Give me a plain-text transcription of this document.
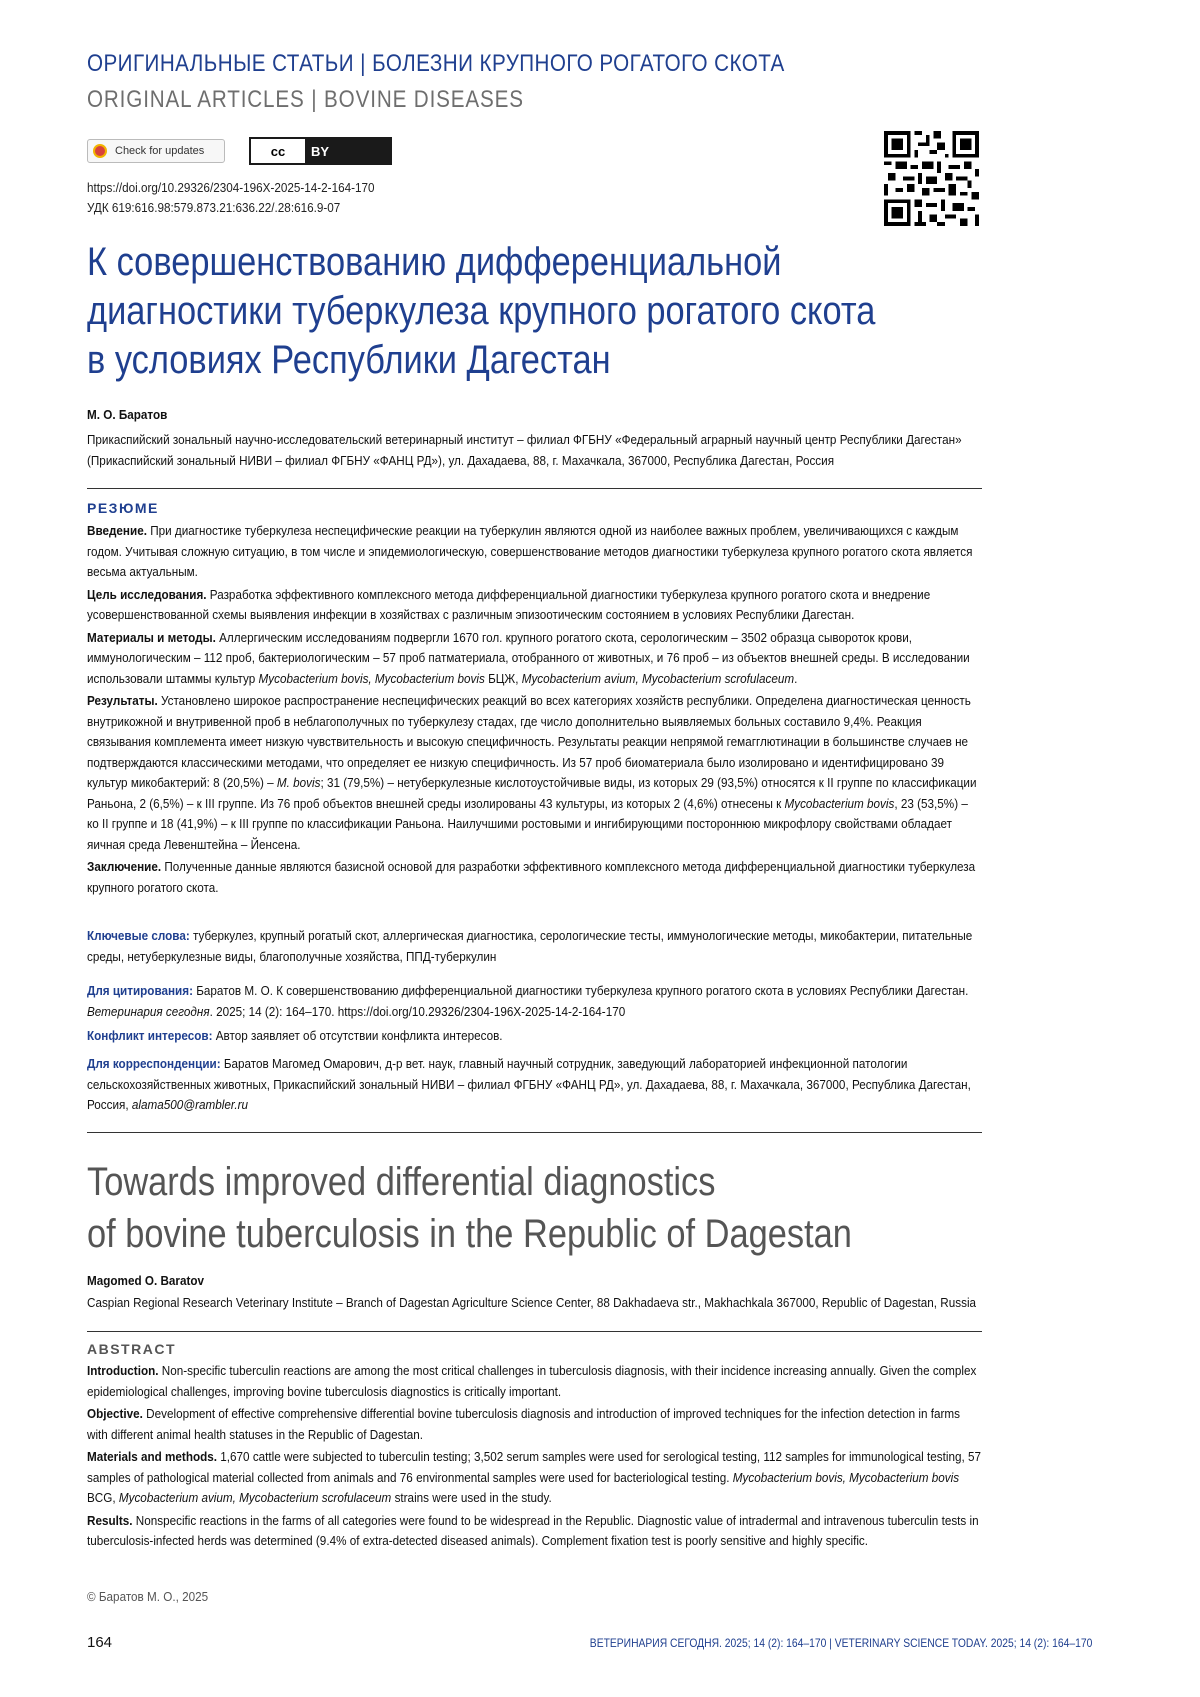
ОРИГИНАЛЬНЫЕ СТАТЬИ | БОЛЕЗНИ КРУПНОГО РОГАТОГО СКОТА
ORIGINAL ARTICLES | BOVINE DISEASES
Check for updates	cc	BY
https://doi.org/10.29326/2304-196X-2025-14-2-164-170
УДК 619:616.98:579.873.21:636.22/.28:616.9-07
К совершенствованию дифференциальной
диагностики туберкулеза крупного рогатого скота
в условиях Республики Дагестан
М. О. Баратов
Прикаспийский зональный научно-исследовательский ветеринарный институт – филиал ФГБНУ «Федеральный аграрный научный центр Республики Дагестан» (Прикаспийский зональный НИВИ – филиал ФГБНУ «ФАНЦ РД»), ул. Дахадаева, 88, г. Махачкала, 367000, Республика Дагестан, Россия
РЕЗЮМЕ

Введение. При диагностике туберкулеза неспецифические реакции на туберкулин являются одной из наиболее важных проблем, увеличивающихся с каждым годом. Учитывая сложную ситуацию, в том числе и эпидемиологическую, совершенствование методов диагностики туберкулеза крупного рогатого скота является весьма актуальным.

Цель исследования. Разработка эффективного комплексного метода дифференциальной диагностики туберкулеза крупного рогатого скота и внедрение усовершенствованной схемы выявления инфекции в хозяйствах с различным эпизоотическим состоянием в условиях Республики Дагестан.

Материалы и методы. Аллергическим исследованиям подвергли 1670 гол. крупного рогатого скота, серологическим – 3502 образца сывороток крови, иммунологическим – 112 проб, бактериологическим – 57 проб патматериала, отобранного от животных, и 76 проб – из объектов внешней среды. В исследовании использовали штаммы культур Mycobacterium bovis, Mycobacterium bovis БЦЖ, Mycobacterium avium, Mycobacterium scrofulaceum.

Результаты. Установлено широкое распространение неспецифических реакций во всех категориях хозяйств республики. Определена диагностическая ценность внутрикожной и внутривенной проб в неблагополучных по туберкулезу стадах, где число дополнительно выявляемых больных составило 9,4%. Реакция связывания комплемента имеет низкую чувствительность и высокую специфичность. Результаты реакции непрямой гемагглютинации в большинстве случаев не подтверждаются классическими методами, что определяет ее низкую специфичность. Из 57 проб биоматериала было изолировано и идентифицировано 39 культур микобактерий: 8 (20,5%) – M. bovis; 31 (79,5%) – нетуберкулезные кислотоустойчивые виды, из которых 29 (93,5%) относятся к II группе по классификации Раньона, 2 (6,5%) – к III группе. Из 76 проб объектов внешней среды изолированы 43 культуры, из которых 2 (4,6%) отнесены к Mycobacterium bovis, 23 (53,5%) – ко II группе и 18 (41,9%) – к III группе по классификации Раньона. Наилучшими ростовыми и ингибирующими постороннюю микрофлору свойствами обладает яичная среда Левенштейна – Йенсена.

Заключение. Полученные данные являются базисной основой для разработки эффективного комплексного метода дифференциальной диагностики туберкулеза крупного рогатого скота.

Ключевые слова: туберкулез, крупный рогатый скот, аллергическая диагностика, серологические тесты, иммунологические методы, микобактерии, питательные среды, нетуберкулезные виды, благополучные хозяйства, ППД-туберкулин
Для цитирования: Баратов М. О. К совершенствованию дифференциальной диагностики туберкулеза крупного рогатого скота в условиях Республики Дагестан. Ветеринария сегодня. 2025; 14 (2): 164–170. https://doi.org/10.29326/2304-196X-2025-14-2-164-170
Конфликт интересов: Автор заявляет об отсутствии конфликта интересов.
Для корреспонденции: Баратов Магомед Омарович, д-р вет. наук, главный научный сотрудник, заведующий лабораторией инфекционной патологии сельскохозяйственных животных, Прикаспийский зональный НИВИ – филиал ФГБНУ «ФАНЦ РД», ул. Дахадаева, 88, г. Махачкала, 367000, Республика Дагестан, Россия, alama500@rambler.ru
Towards improved differential diagnostics
of bovine tuberculosis in the Republic of Dagestan
Magomed O. Baratov
Caspian Regional Research Veterinary Institute – Branch of Dagestan Agriculture Science Center, 88 Dakhadaeva str., Makhachkala 367000, Republic of Dagestan, Russia
ABSTRACT

Introduction. Non-specific tuberculin reactions are among the most critical challenges in tuberculosis diagnosis, with their incidence increasing annually. Given the complex epidemiological challenges, improving bovine tuberculosis diagnostics is critically important.

Objective. Development of effective comprehensive differential bovine tuberculosis diagnosis and introduction of improved techniques for the infection detection in farms with different animal health statuses in the Republic of Dagestan.

Materials and methods. 1,670 cattle were subjected to tuberculin testing; 3,502 serum samples were used for serological testing, 112 samples for immunological testing, 57 samples of pathological material collected from animals and 76 environmental samples were used for bacteriological testing. Mycobacterium bovis, Mycobacterium bovis BCG, Mycobacterium avium, Mycobacterium scrofulaceum strains were used in the study.

Results. Nonspecific reactions in the farms of all categories were found to be widespread in the Republic. Diagnostic value of intradermal and intravenous tuberculin tests in tuberculosis-infected herds was determined (9.4% of extra-detected diseased animals). Complement fixation test is poorly sensitive and highly specific.

© Баратов М. О., 2025
164	ВЕТЕРИНАРИЯ СЕГОДНЯ. 2025; 14 (2): 164–170 | VETERINARY SCIENCE TODAY. 2025; 14 (2): 164–170
